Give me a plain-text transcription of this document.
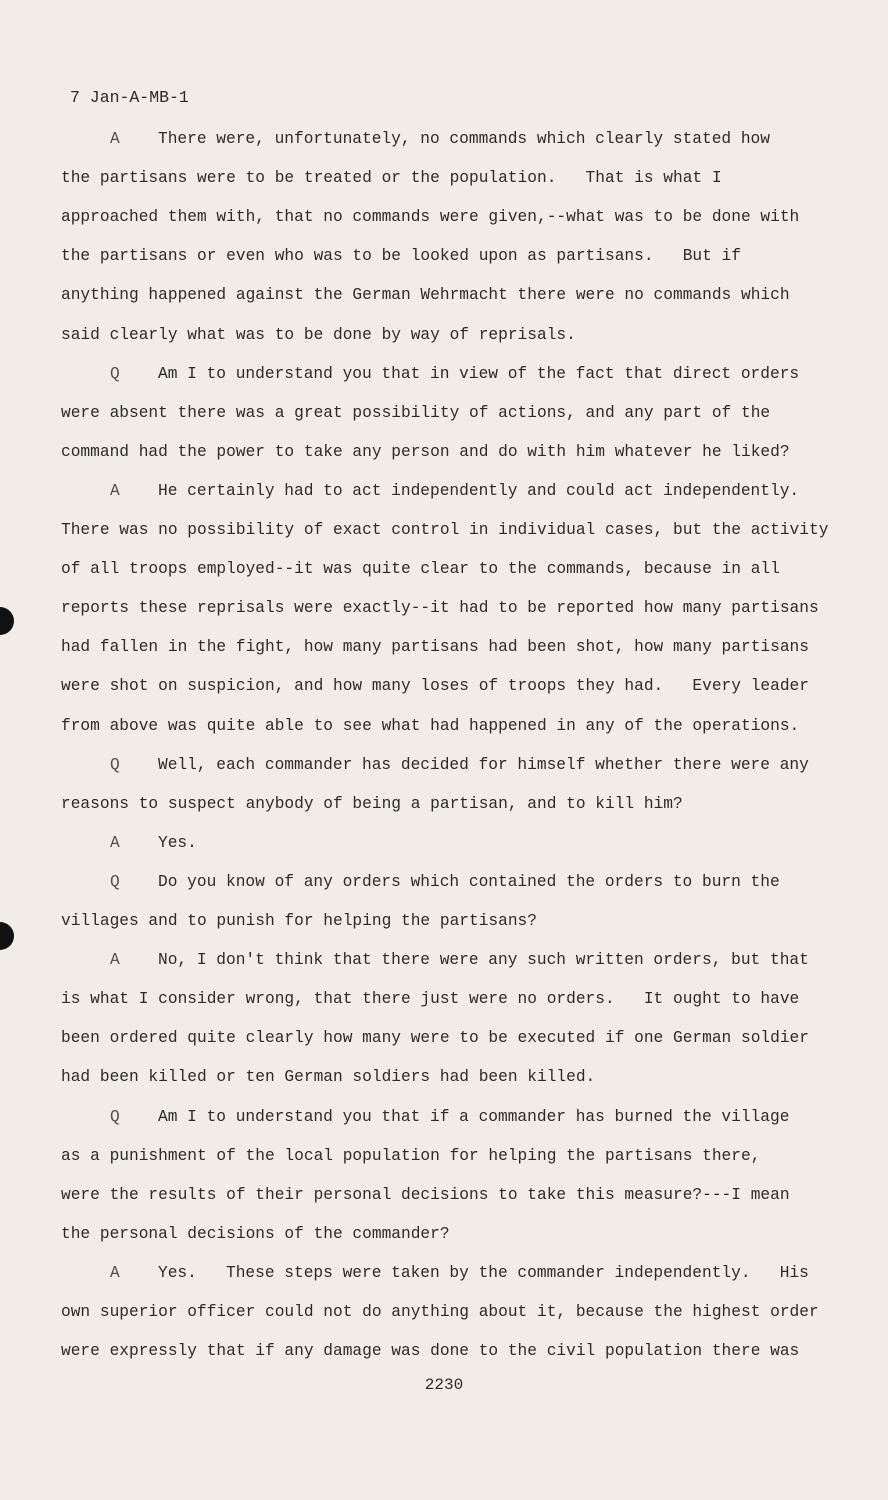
7 Jan-A-MB-1
A There were, unfortunately, no commands which clearly stated how
the partisans were to be treated or the population.   That is what I
approached them with, that no commands were given,--what was to be done with
the partisans or even who was to be looked upon as partisans.   But if
anything happened against the German Wehrmacht there were no commands which
said clearly what was to be done by way of reprisals.
Q Am I to understand you that in view of the fact that direct orders
were absent there was a great possibility of actions, and any part of the
command had the power to take any person and do with him whatever he liked?
A He certainly had to act independently and could act independently.
There was no possibility of exact control in individual cases, but the activity
of all troops employed--it was quite clear to the commands, because in all
reports these reprisals were exactly--it had to be reported how many partisans
had fallen in the fight, how many partisans had been shot, how many partisans
were shot on suspicion, and how many loses of troops they had.   Every leader
from above was quite able to see what had happened in any of the operations.
Q Well, each commander has decided for himself whether there were any
reasons to suspect anybody of being a partisan, and to kill him?
A Yes.
Q Do you know of any orders which contained the orders to burn the
villages and to punish for helping the partisans?
A No, I don't think that there were any such written orders, but that
is what I consider wrong, that there just were no orders.   It ought to have
been ordered quite clearly how many were to be executed if one German soldier
had been killed or ten German soldiers had been killed.
Q Am I to understand you that if a commander has burned the village
as a punishment of the local population for helping the partisans there,
were the results of their personal decisions to take this measure?---I mean
the personal decisions of the commander?
A Yes.   These steps were taken by the commander independently.   His
own superior officer could not do anything about it, because the highest order
were expressly that if any damage was done to the civil population there was
2230
